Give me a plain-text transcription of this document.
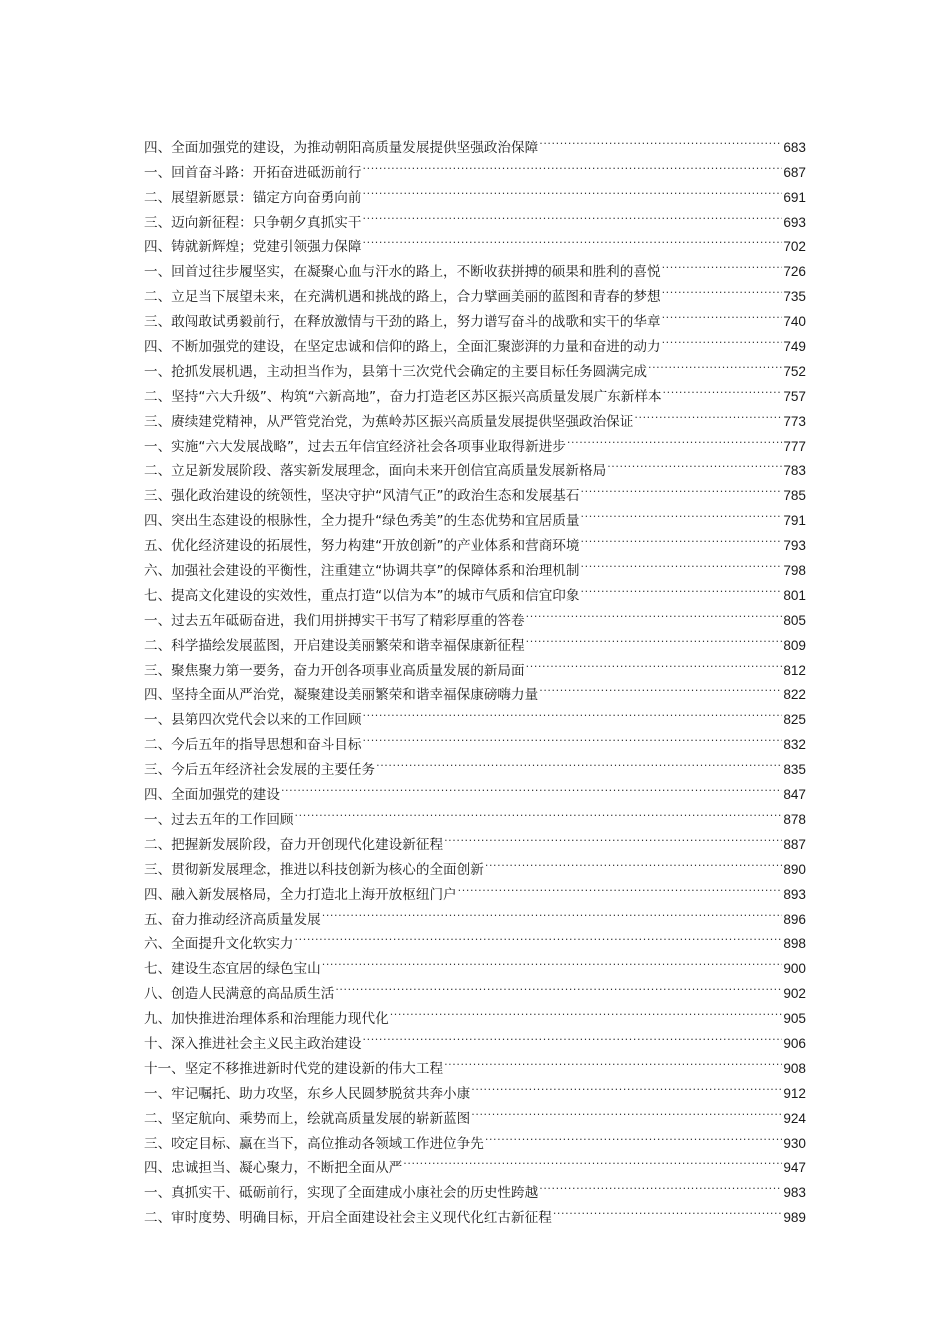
四、全面加强党的建设，为推动朝阳高质量发展提供坚强政治保障 .....	683
一、回首奋斗路：开拓奋进砥沥前行 .....	687
二、展望新愿景：锚定方向奋勇向前 .....	691
三、迈向新征程：只争朝夕真抓实干 .....	693
四、铸就新辉煌；党建引领强力保障 .....	702
一、回首过往步履坚实，在凝聚心血与汗水的路上，不断收获拼搏的硕果和胜利的喜悦 .....	726
二、立足当下展望未来，在充满机遇和挑战的路上，合力擘画美丽的蓝图和青春的梦想 .....	735
三、敢闯敢试勇毅前行，在释放激情与干劲的路上，努力谱写奋斗的战歌和实干的华章 .....	740
四、不断加强党的建设，在坚定忠诚和信仰的路上，全面汇聚澎湃的力量和奋进的动力 .....	749
一、抢抓发展机遇，主动担当作为，县第十三次党代会确定的主要目标任务圆满完成 .....	752
二、坚持“六大升级”、构筑“六新高地”，奋力打造老区苏区振兴高质量发展广东新样本 .....	757
三、赓续建党精神，从严管党治党，为蕉岭苏区振兴高质量发展提供坚强政治保证 .....	773
一、实施“六大发展战略”，过去五年信宜经济社会各项事业取得新进步 .....	777
二、立足新发展阶段、落实新发展理念，面向未来开创信宜高质量发展新格局 .....	783
三、强化政治建设的统领性，坚决守护“风清气正”的政治生态和发展基石 .....	785
四、突出生态建设的根脉性，全力提升“绿色秀美”的生态优势和宜居质量 .....	791
五、优化经济建设的拓展性，努力构建“开放创新”的产业体系和营商环境 .....	793
六、加强社会建设的平衡性，注重建立“协调共享”的保障体系和治理机制 .....	798
七、提高文化建设的实效性，重点打造“以信为本”的城市气质和信宜印象 .....	801
一、过去五年砥砺奋进，我们用拼搏实干书写了精彩厚重的答卷 .....	805
二、科学描绘发展蓝图，开启建设美丽繁荣和谐幸福保康新征程 .....	809
三、聚焦聚力第一要务，奋力开创各项事业高质量发展的新局面 .....	812
四、坚持全面从严治党，凝聚建设美丽繁荣和谐幸福保康磅嗨力量 .....	822
一、县第四次党代会以来的工作回顾 .....	825
二、今后五年的指导思想和奋斗目标 .....	832
三、今后五年经济社会发展的主要任务 .....	835
四、全面加强党的建设 .....	847
一、过去五年的工作回顾 .....	878
二、把握新发展阶段，奋力开创现代化建设新征程 .....	887
三、贯彻新发展理念，推进以科技创新为核心的全面创新 .....	890
四、融入新发展格局，全力打造北上海开放枢纽门户 .....	893
五、奋力推动经济高质量发展 .....	896
六、全面提升文化软实力 .....	898
七、建设生态宜居的绿色宝山 .....	900
八、创造人民满意的高品质生活 .....	902
九、加快推进治理体系和治理能力现代化 .....	905
十、深入推进社会主义民主政治建设 .....	906
十一、坚定不移推进新时代党的建设新的伟大工程 .....	908
一、牢记嘱托、助力攻坚，东乡人民圆梦脱贫共奔小康 .....	912
二、坚定航向、乘势而上，绘就高质量发展的崭新蓝图 .....	924
三、咬定目标、赢在当下，高位推动各领域工作进位争先 .....	930
四、忠诚担当、凝心聚力，不断把全面从严 .....	947
一、真抓实干、砥砺前行，实现了全面建成小康社会的历史性跨越 .....	983
二、审时度势、明确目标，开启全面建设社会主义现代化红古新征程 .....	989
